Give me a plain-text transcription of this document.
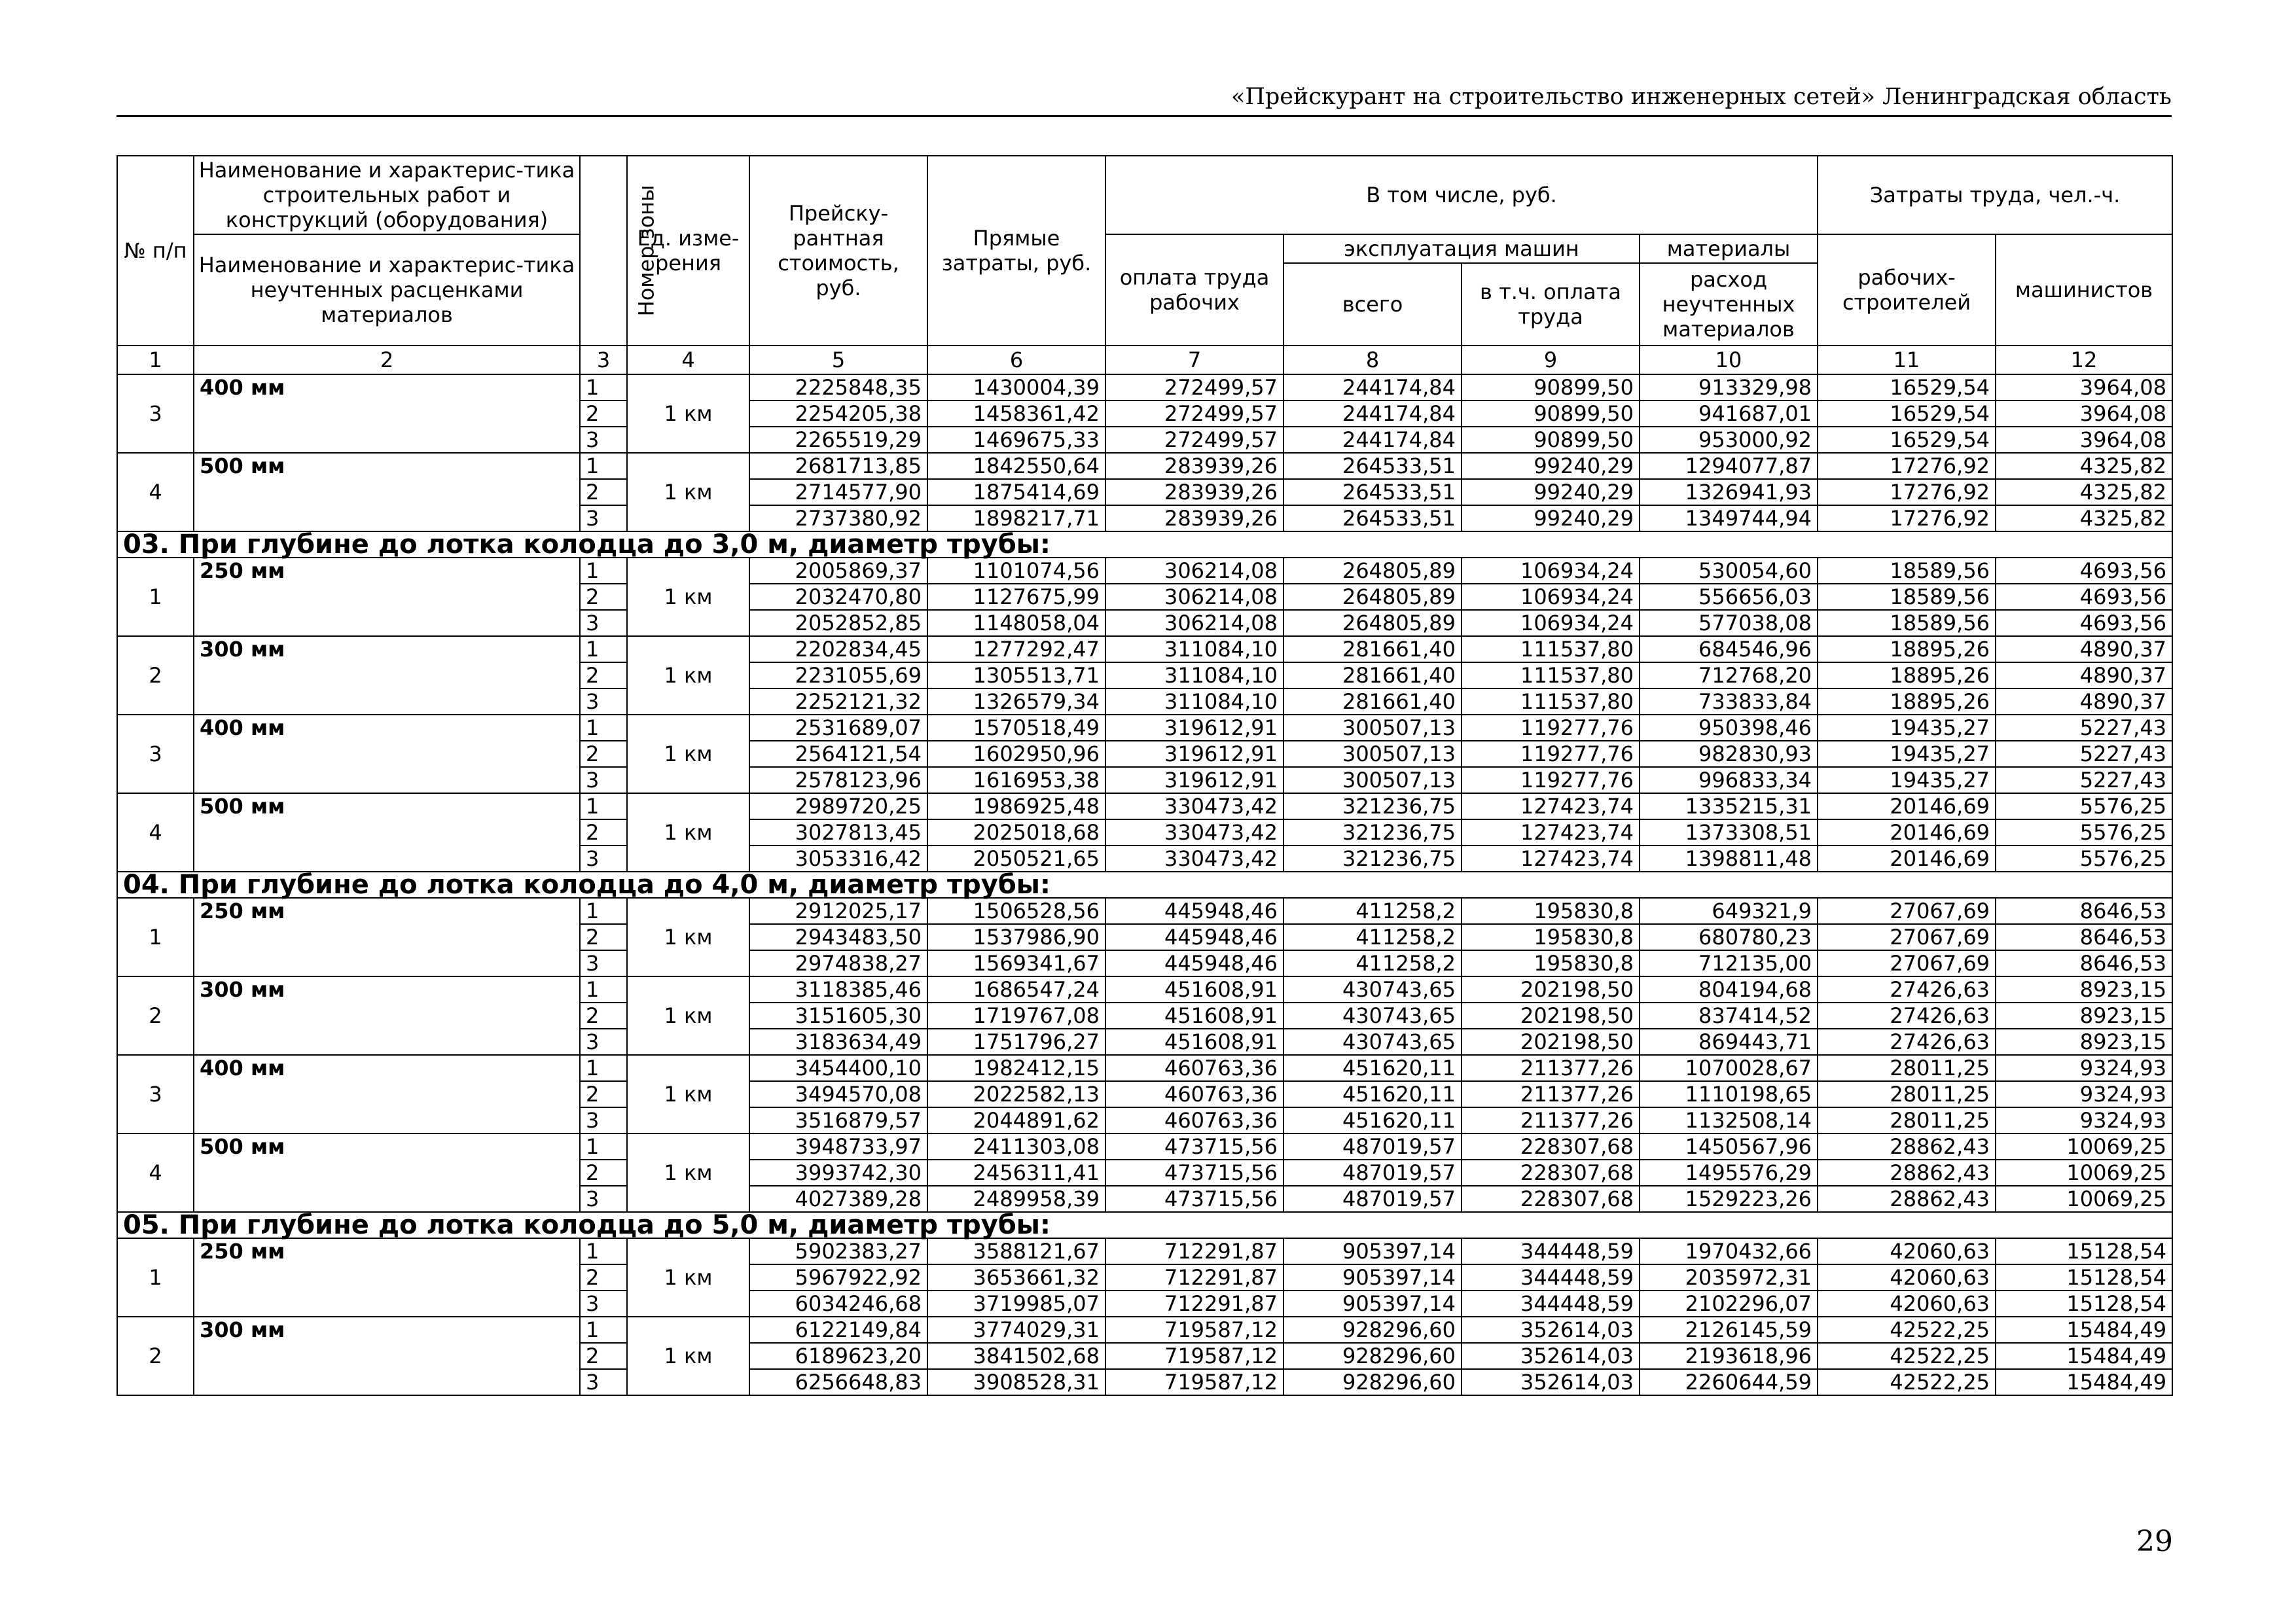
«Прейскурант на строительство инженерных сетей» Ленинградская область
№ п/п	Наименование и характерис-тика строительных работ и конструкций (оборудования)	Номер зоны	Ед. изме-рения	Прейску-рантная стоимость, руб.	Прямые затраты, руб.	В том числе, руб.				Затраты труда, чел.-ч.	
	Наименование и характерис-тика неучтенных расценками материалов					оплата труда рабочих	эксплуатация машин		материалы	рабочих-строителей	машинистов
							всего	в т.ч. оплата труда	расход неучтенных материалов		
1	2	3	4	5	6	7	8	9	10	11	12
3	400 мм	1	1 км	2225848,35	1430004,39	272499,57	244174,84	90899,50	913329,98	16529,54	3964,08
		2		2254205,38	1458361,42	272499,57	244174,84	90899,50	941687,01	16529,54	3964,08
		3		2265519,29	1469675,33	272499,57	244174,84	90899,50	953000,92	16529,54	3964,08
4	500 мм	1	1 км	2681713,85	1842550,64	283939,26	264533,51	99240,29	1294077,87	17276,92	4325,82
		2		2714577,90	1875414,69	283939,26	264533,51	99240,29	1326941,93	17276,92	4325,82
		3		2737380,92	1898217,71	283939,26	264533,51	99240,29	1349744,94	17276,92	4325,82
03. При глубине до лотка колодца до 3,0 м, диаметр трубы:											
1	250 мм	1	1 км	2005869,37	1101074,56	306214,08	264805,89	106934,24	530054,60	18589,56	4693,56
		2		2032470,80	1127675,99	306214,08	264805,89	106934,24	556656,03	18589,56	4693,56
		3		2052852,85	1148058,04	306214,08	264805,89	106934,24	577038,08	18589,56	4693,56
2	300 мм	1	1 км	2202834,45	1277292,47	311084,10	281661,40	111537,80	684546,96	18895,26	4890,37
		2		2231055,69	1305513,71	311084,10	281661,40	111537,80	712768,20	18895,26	4890,37
		3		2252121,32	1326579,34	311084,10	281661,40	111537,80	733833,84	18895,26	4890,37
3	400 мм	1	1 км	2531689,07	1570518,49	319612,91	300507,13	119277,76	950398,46	19435,27	5227,43
		2		2564121,54	1602950,96	319612,91	300507,13	119277,76	982830,93	19435,27	5227,43
		3		2578123,96	1616953,38	319612,91	300507,13	119277,76	996833,34	19435,27	5227,43
4	500 мм	1	1 км	2989720,25	1986925,48	330473,42	321236,75	127423,74	1335215,31	20146,69	5576,25
		2		3027813,45	2025018,68	330473,42	321236,75	127423,74	1373308,51	20146,69	5576,25
		3		3053316,42	2050521,65	330473,42	321236,75	127423,74	1398811,48	20146,69	5576,25
04. При глубине до лотка колодца до 4,0 м, диаметр трубы:											
1	250 мм	1	1 км	2912025,17	1506528,56	445948,46	411258,2	195830,8	649321,9	27067,69	8646,53
		2		2943483,50	1537986,90	445948,46	411258,2	195830,8	680780,23	27067,69	8646,53
		3		2974838,27	1569341,67	445948,46	411258,2	195830,8	712135,00	27067,69	8646,53
2	300 мм	1	1 км	3118385,46	1686547,24	451608,91	430743,65	202198,50	804194,68	27426,63	8923,15
		2		3151605,30	1719767,08	451608,91	430743,65	202198,50	837414,52	27426,63	8923,15
		3		3183634,49	1751796,27	451608,91	430743,65	202198,50	869443,71	27426,63	8923,15
3	400 мм	1	1 км	3454400,10	1982412,15	460763,36	451620,11	211377,26	1070028,67	28011,25	9324,93
		2		3494570,08	2022582,13	460763,36	451620,11	211377,26	1110198,65	28011,25	9324,93
		3		3516879,57	2044891,62	460763,36	451620,11	211377,26	1132508,14	28011,25	9324,93
4	500 мм	1	1 км	3948733,97	2411303,08	473715,56	487019,57	228307,68	1450567,96	28862,43	10069,25
		2		3993742,30	2456311,41	473715,56	487019,57	228307,68	1495576,29	28862,43	10069,25
		3		4027389,28	2489958,39	473715,56	487019,57	228307,68	1529223,26	28862,43	10069,25
05. При глубине до лотка колодца до 5,0 м, диаметр трубы:											
1	250 мм	1	1 км	5902383,27	3588121,67	712291,87	905397,14	344448,59	1970432,66	42060,63	15128,54
		2		5967922,92	3653661,32	712291,87	905397,14	344448,59	2035972,31	42060,63	15128,54
		3		6034246,68	3719985,07	712291,87	905397,14	344448,59	2102296,07	42060,63	15128,54
2	300 мм	1	1 км	6122149,84	3774029,31	719587,12	928296,60	352614,03	2126145,59	42522,25	15484,49
		2		6189623,20	3841502,68	719587,12	928296,60	352614,03	2193618,96	42522,25	15484,49
		3		6256648,83	3908528,31	719587,12	928296,60	352614,03	2260644,59	42522,25	15484,49
29
